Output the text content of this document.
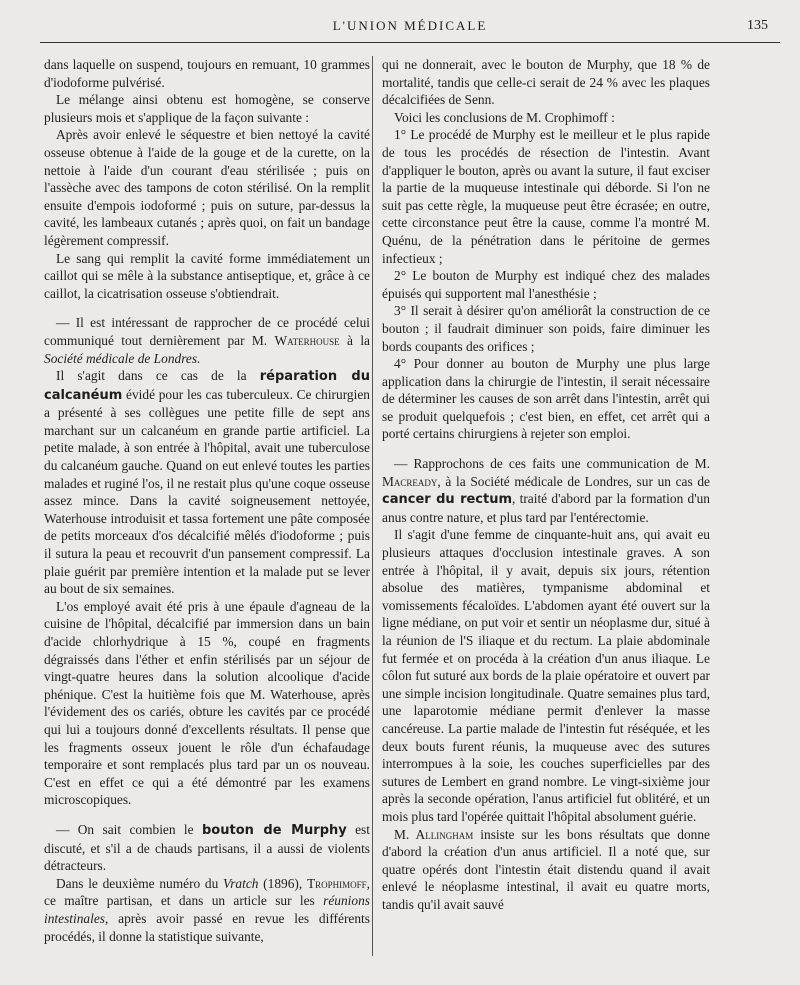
L'UNION MÉDICALE	135

dans laquelle on suspend, toujours en remuant, 10 grammes d'iodoforme pulvérisé.

Le mélange ainsi obtenu est homogène, se conserve plusieurs mois et s'applique de la façon suivante :

Après avoir enlevé le séquestre et bien nettoyé la cavité osseuse obtenue à l'aide de la gouge et de la curette, on la nettoie à l'aide d'un courant d'eau stérilisée ; puis on l'assèche avec des tampons de coton stérilisé. On la remplit ensuite d'empois iodoformé ; puis on suture, par-dessus la cavité, les lambeaux cutanés ; après quoi, on fait un bandage légèrement compressif.

Le sang qui remplit la cavité forme immédiatement un caillot qui se mêle à la substance antiseptique, et, grâce à ce caillot, la cicatrisation osseuse s'obtiendrait.

— Il est intéressant de rapprocher de ce procédé celui communiqué tout dernièrement par M. Waterhouse à la Société médicale de Londres.

Il s'agit dans ce cas de la réparation du calcanéum évidé pour les cas tuberculeux. Ce chirurgien a présenté à ses collègues une petite fille de sept ans marchant sur un calcanéum en grande partie artificiel. La petite malade, à son entrée à l'hôpital, avait une tuberculose du calcanéum gauche. Quand on eut enlevé toutes les parties malades et ruginé l'os, il ne restait plus qu'une coque osseuse assez mince. Dans la cavité soigneusement nettoyée, Waterhouse introduisit et tassa fortement une pâte composée de petits morceaux d'os décalcifié mêlés d'iodoforme ; puis il sutura la peau et recouvrit d'un pansement compressif. La plaie guérit par première intention et la malade put se lever au bout de six semaines.

L'os employé avait été pris à une épaule d'agneau de la cuisine de l'hôpital, décalcifié par immersion dans un bain d'acide chlorhydrique à 15 %, coupé en fragments dégraissés dans l'éther et enfin stérilisés par un séjour de vingt-quatre heures dans la solution alcoolique d'acide phénique. C'est la huitième fois que M. Waterhouse, après l'évidement des os cariés, obture les cavités par ce procédé qui lui a toujours donné d'excellents résultats. Il pense que les fragments osseux jouent le rôle d'un échafaudage temporaire et sont remplacés plus tard par un os nouveau. C'est en effet ce qui a été démontré par les examens microscopiques.

— On sait combien le bouton de Murphy est discuté, et s'il a de chauds partisans, il a aussi de violents détracteurs.

Dans le deuxième numéro du Vratch (1896), Trophimoff, ce maître partisan, et dans un article sur les réunions intestinales, après avoir passé en revue les différents procédés, il donne la statistique suivante,

qui ne donnerait, avec le bouton de Murphy, que 18 % de mortalité, tandis que celle-ci serait de 24 % avec les plaques décalcifiées de Senn.

Voici les conclusions de M. Crophimoff :

1° Le procédé de Murphy est le meilleur et le plus rapide de tous les procédés de résection de l'intestin. Avant d'appliquer le bouton, après ou avant la suture, il faut exciser la partie de la muqueuse intestinale qui déborde. Si l'on ne suit pas cette règle, la muqueuse peut être écrasée; en outre, cette circonstance peut être la cause, comme l'a montré M. Quénu, de la pénétration dans le péritoine de germes infectieux ;

2° Le bouton de Murphy est indiqué chez des malades épuisés qui supportent mal l'anesthésie ;

3° Il serait à désirer qu'on améliorât la construction de ce bouton ; il faudrait diminuer son poids, faire diminuer les bords coupants des orifices ;

4° Pour donner au bouton de Murphy une plus large application dans la chirurgie de l'intestin, il serait nécessaire de déterminer les causes de son arrêt dans l'intestin, arrêt qui se produit quelquefois ; c'est bien, en effet, cet arrêt qui a porté certains chirurgiens à rejeter son emploi.

— Rapprochons de ces faits une communication de M. Macready, à la Société médicale de Londres, sur un cas de cancer du rectum, traité d'abord par la formation d'un anus contre nature, et plus tard par l'entérectomie.

Il s'agit d'une femme de cinquante-huit ans, qui avait eu plusieurs attaques d'occlusion intestinale graves. A son entrée à l'hôpital, il y avait, depuis six jours, rétention absolue des matières, tympanisme abdominal et vomissements fécaloïdes. L'abdomen ayant été ouvert sur la ligne médiane, on put voir et sentir un néoplasme dur, situé à la réunion de l'S iliaque et du rectum. La plaie abdominale fut fermée et on procéda à la création d'un anus iliaque. Le côlon fut suturé aux bords de la plaie opératoire et ouvert par une simple incision longitudinale. Quatre semaines plus tard, une laparotomie médiane permit d'enlever la masse cancéreuse. La partie malade de l'intestin fut réséquée, et les deux bouts furent réunis, la muqueuse avec des sutures interrompues à la soie, les couches superficielles par des sutures de Lembert en grand nombre. Le vingt-sixième jour après la seconde opération, l'anus artificiel fut oblitéré, et un mois plus tard l'opérée quittait l'hôpital absolument guérie.

M. Allingham insiste sur les bons résultats que donne d'abord la création d'un anus artificiel. Il a noté que, sur quatre opérés dont l'intestin était distendu quand il avait enlevé le néoplasme intestinal, il avait eu quatre morts, tandis qu'il avait sauvé
